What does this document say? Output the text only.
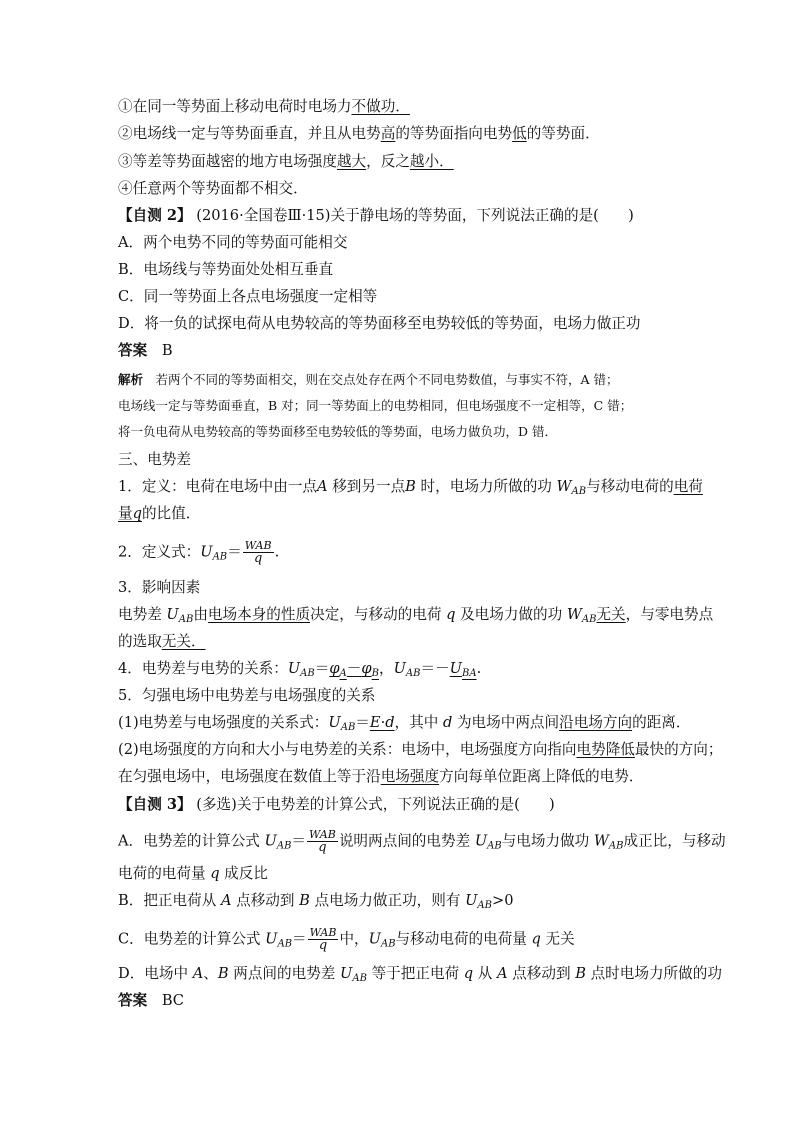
①在同一等势面上移动电荷时电场力不做功．
②电场线一定与等势面垂直，并且从电势高的等势面指向电势低的等势面．
③等差等势面越密的地方电场强度越大，反之越小．
④任意两个等势面都不相交．
【自测 2】 (2016·全国卷Ⅲ·15)关于静电场的等势面，下列说法正确的是(　　)
A．两个电势不同的等势面可能相交
B．电场线与等势面处处相互垂直
C．同一等势面上各点电场强度一定相等
D．将一负的试探电荷从电势较高的等势面移至电势较低的等势面，电场力做正功
答案　 B
解析　若两个不同的等势面相交，则在交点处存在两个不同电势数值，与事实不符，A 错；
电场线一定与等势面垂直，B 对；同一等势面上的电势相同，但电场强度不一定相等，C 错；
将一负电荷从电势较高的等势面移至电势较低的等势面，电场力做负功，D 错．
三、电势差
1．定义：电荷在电场中由一点A 移到另一点B 时，电场力所做的功 $W_{AB}$与移动电荷的电荷
量q的比值．
2．定义式：$U_{AB}= \frac{\text{WAB}}{q}$ .
3．影响因素
电势差 $U_{AB}$由电场本身的性质决定，与移动的电荷 q 及电场力做的功 $W_{AB}$无关，与零电势点
的选取无关．
4．电势差与电势的关系：$U_{AB}=\varphi_A-\varphi_B$，$U_{AB}=-U_{BA}$.
5．匀强电场中电势差与电场强度的关系
(1)电势差与电场强度的关系式：$U_{AB}=E\cdot d$，其中 d 为电场中两点间沿电场方向的距离．
(2)电场强度的方向和大小与电势差的关系：电场中，电场强度方向指向电势降低最快的方向；
在匀强电场中，电场强度在数值上等于沿电场强度方向每单位距离上降低的电势．
【自测 3】 (多选)关于电势差的计算公式，下列说法正确的是(　　)
A．电势差的计算公式 $U_{AB}= \frac{\text{WAB}}{q}$ 说明两点间的电势差 $U_{AB}$与电场力做功 $W_{AB}$成正比，与移动
电荷的电荷量 q 成反比
B．把正电荷从 A 点移动到 B 点电场力做正功，则有 $U_{AB}>0$
C．电势差的计算公式 $U_{AB}= \frac{\text{WAB}}{q}$ 中，$U_{AB}$与移动电荷的电荷量 q 无关
D．电场中 A、B 两点间的电势差 $U_{AB}$ 等于把正电荷 q 从 A 点移动到 B 点时电场力所做的功
答案　 BC
